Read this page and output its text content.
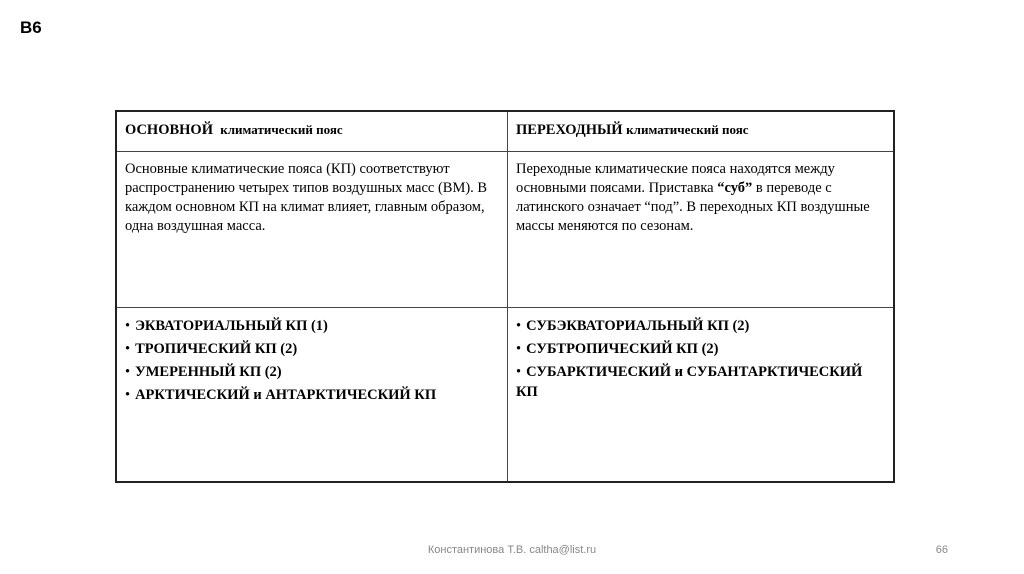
В6
ОСНОВНОЙ климатический пояс	ПЕРЕХОДНЫЙ климатический пояс
Основные климатические пояса (КП) соответствуют распространению четырех типов воздушных масс (ВМ). В каждом основном КП на климат влияет, главным образом, одна воздушная масса.
Переходные климатические пояса находятся между основными поясами. Приставка “суб” в переводе с латинского означает “под”. В переходных КП воздушные массы меняются по сезонам.
• ЭКВАТОРИАЛЬНЫЙ КП (1)
• ТРОПИЧЕСКИЙ КП (2)
• УМЕРЕННЫЙ КП (2)
• АРКТИЧЕСКИЙ и АНТАРКТИЧЕСКИЙ КП
• СУБЭКВАТОРИАЛЬНЫЙ КП (2)
• СУБТРОПИЧЕСКИЙ КП (2)
• СУБАРКТИЧЕСКИЙ и СУБАНТАРКТИЧЕСКИЙ КП
Константинова Т.В. caltha@list.ru	66
